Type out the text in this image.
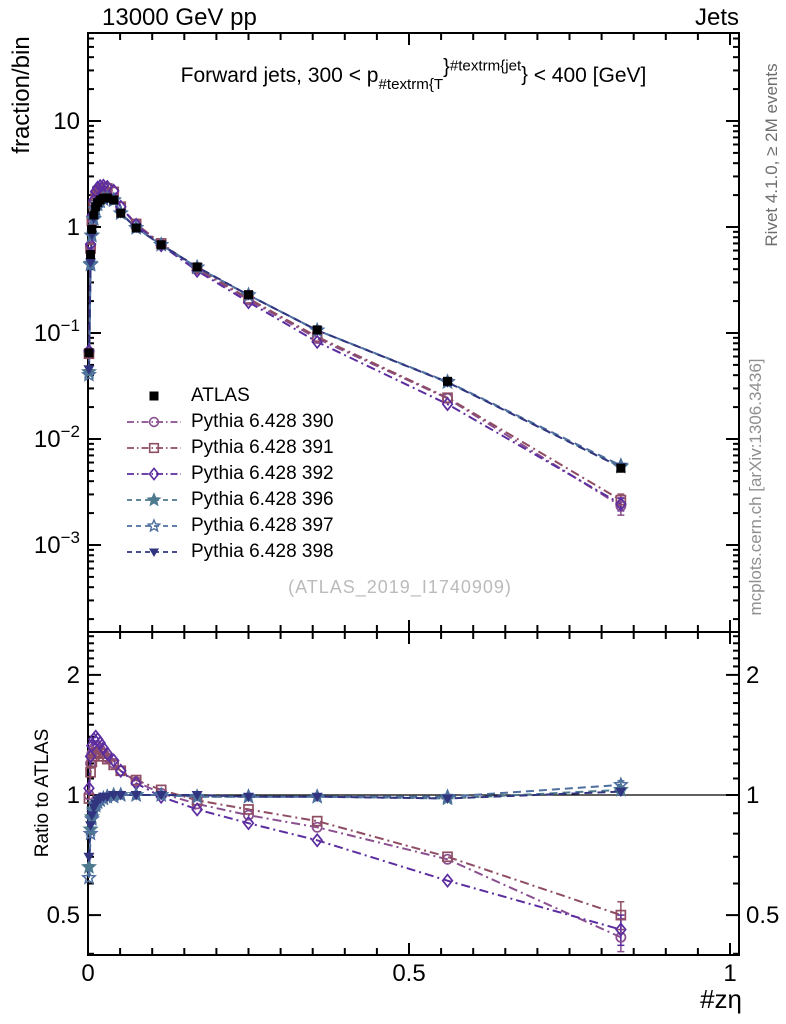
13000 GeV pp	Jets
fraction/bin
Ratio to ATLAS
#zη
Rivet 4.1.0, ≥ 2M events
mcplots.cern.ch [arXiv:1306.3436]
(ATLAS_2019_I1740909)
Forward jets, $300 < p_{\#textrm\{T}\}^{\#textrm\{jet}\} < 400$ [GeV]
10
1
$10^{-1}$
$10^{-2}$
$10^{-3}$
2	2
1	1
0.5	0.5
0	0.5	1
ATLAS
Pythia 6.428 390
Pythia 6.428 391
Pythia 6.428 392
Pythia 6.428 396
Pythia 6.428 397
Pythia 6.428 398
